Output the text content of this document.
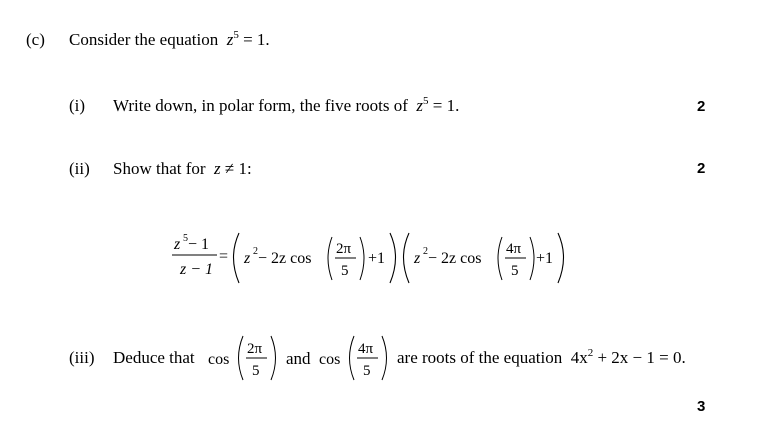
(c) Consider the equation $z^5 = 1$.
(i) Write down, in polar form, the five roots of $z^5 = 1$.	2
(ii) Show that for z ≠ 1:	2
z 5 − 1
z − 1
= z 2 − 2z cos
2π
5
+1 z 2 − 2z cos
4π
5
+1
(iii) Deduce that cos
2π
5
and cos
4π
5
are roots of the equation $4x^2 + 2x - 1 = 0$.
3
